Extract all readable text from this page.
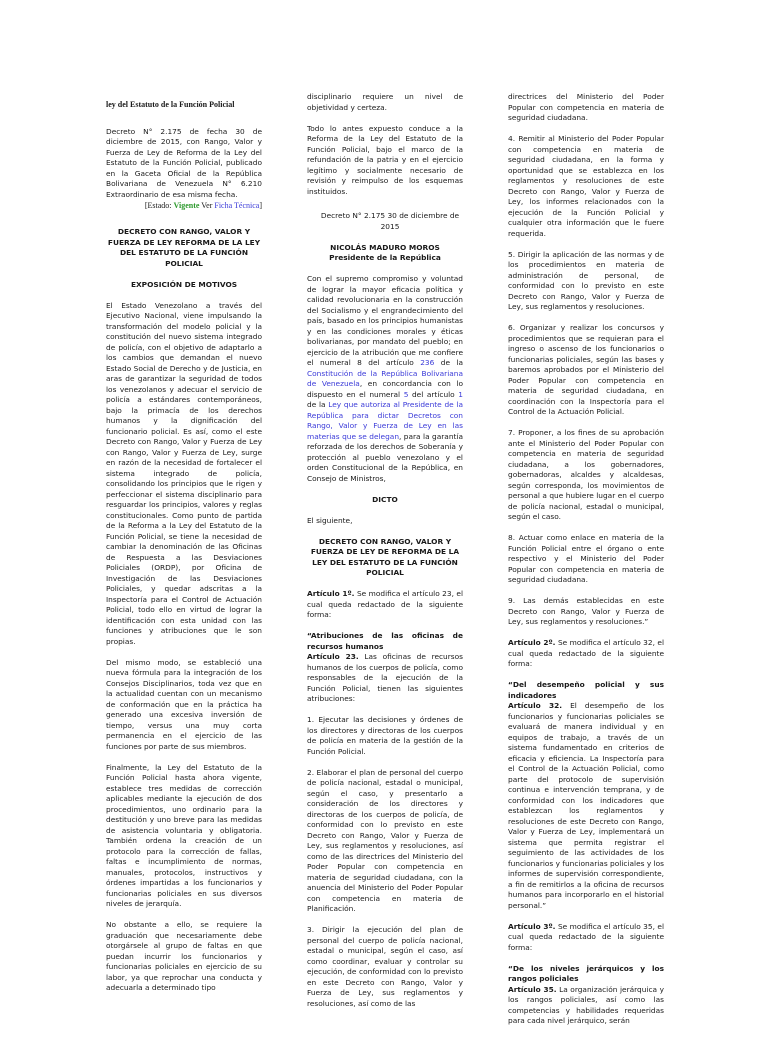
ley del Estatuto de la Función Policial

Decreto N° 2.175 de fecha 30 de diciembre de 2015, con Rango, Valor y Fuerza de Ley de Reforma de la Ley del Estatuto de la Función Policial, publicado en la Gaceta Oficial de la República Bolivariana de Venezuela N° 6.210 Extraordinario de esa misma fecha.

[Estado: Vigente Ver Ficha Técnica]

DECRETO CON RANGO, VALOR Y FUERZA DE LEY REFORMA DE LA LEY DEL ESTATUTO DE LA FUNCIÓN POLICIAL

EXPOSICIÓN DE MOTIVOS

El Estado Venezolano a través del Ejecutivo Nacional, viene impulsando la transformación del modelo policial y la constitución del nuevo sistema integrado de policía, con el objetivo de adaptarlo a los cambios que demandan el nuevo Estado Social de Derecho y de Justicia, en aras de garantizar la seguridad de todos los venezolanos y adecuar el servicio de policía a estándares contemporáneos, bajo la primacía de los derechos humanos y la dignificación del funcionario policial. Es así, como el este Decreto con Rango, Valor y Fuerza de Ley con Rango, Valor y Fuerza de Ley, surge en razón de la necesidad de fortalecer el sistema integrado de policía, consolidando los principios que le rigen y perfeccionar el sistema disciplinario para resguardar los principios, valores y reglas constitucionales. Como punto de partida de la Reforma a la Ley del Estatuto de la Función Policial, se tiene la necesidad de cambiar la denominación de las Oficinas de Respuesta a las Desviaciones Policiales (ORDP), por Oficina de Investigación de las Desviaciones Policiales, y quedar adscritas a la Inspectoría para el Control de Actuación Policial, todo ello en virtud de lograr la identificación con esta unidad con las funciones y atribuciones que le son propias.

Del mismo modo, se estableció una nueva fórmula para la integración de los Consejos Disciplinarios, toda vez que en la actualidad cuentan con un mecanismo de conformación que en la práctica ha generado una excesiva inversión de tiempo, versus una muy corta permanencia en el ejercicio de las funciones por parte de sus miembros.

Finalmente, la Ley del Estatuto de la Función Policial hasta ahora vigente, establece tres medidas de corrección aplicables mediante la ejecución de dos procedimientos, uno ordinario para la destitución y uno breve para las medidas de asistencia voluntaria y obligatoria. También ordena la creación de un protocolo para la corrección de fallas, faltas e incumplimiento de normas, manuales, protocolos, instructivos y órdenes impartidas a los funcionarios y funcionarias policiales en sus diversos niveles de jerarquía.

No obstante a ello, se requiere la graduación que necesariamente debe otorgársele al grupo de faltas en que puedan incurrir los funcionarios y funcionarias policiales en ejercicio de su labor, ya que reprochar una conducta y adecuarla a determinado tipo

disciplinario requiere un nivel de objetividad y certeza.

Todo lo antes expuesto conduce a la Reforma de la Ley del Estatuto de la Función Policial, bajo el marco de la refundación de la patria y en el ejercicio legítimo y socialmente necesario de revisión y reimpulso de los esquemas instituidos.

Decreto N° 2.175 30 de diciembre de 2015

NICOLÁS MADURO MOROS
Presidente de la República

Con el supremo compromiso y voluntad de lograr la mayor eficacia política y calidad revolucionaria en la construcción del Socialismo y el engrandecimiento del país, basado en los principios humanistas y en las condiciones morales y éticas bolivarianas, por mandato del pueblo; en ejercicio de la atribución que me confiere el numeral 8 del artículo 236 de la Constitución de la República Bolivariana de Venezuela, en concordancia con lo dispuesto en el numeral 5 del artículo 1 de la Ley que autoriza al Presidente de la República para dictar Decretos con Rango, Valor y Fuerza de Ley en las materias que se delegan, para la garantía reforzada de los derechos de Soberanía y protección al pueblo venezolano y el orden Constitucional de la República, en Consejo de Ministros,

DICTO

El siguiente,

DECRETO CON RANGO, VALOR Y FUERZA DE LEY DE REFORMA DE LA LEY DEL ESTATUTO DE LA FUNCIÓN POLICIAL

Artículo 1º. Se modifica el artículo 23, el cual queda redactado de la siguiente forma:

“Atribuciones de las oficinas de recursos humanos
Artículo 23. Las oficinas de recursos humanos de los cuerpos de policía, como responsables de la ejecución de la Función Policial, tienen las siguientes atribuciones:

1. Ejecutar las decisiones y órdenes de los directores y directoras de los cuerpos de policía en materia de la gestión de la Función Policial.

2. Elaborar el plan de personal del cuerpo de policía nacional, estadal o municipal, según el caso, y presentarlo a consideración de los directores y directoras de los cuerpos de policía, de conformidad con lo previsto en este Decreto con Rango, Valor y Fuerza de Ley, sus reglamentos y resoluciones, así como de las directrices del Ministerio del Poder Popular con competencia en materia de seguridad ciudadana, con la anuencia del Ministerio del Poder Popular con competencia en materia de Planificación.

3. Dirigir la ejecución del plan de personal del cuerpo de policía nacional, estadal o municipal, según el caso, así como coordinar, evaluar y controlar su ejecución, de conformidad con lo previsto en este Decreto con Rango, Valor y Fuerza de Ley, sus reglamentos y resoluciones, así como de las

directrices del Ministerio del Poder Popular con competencia en materia de seguridad ciudadana.

4. Remitir al Ministerio del Poder Popular con competencia en materia de seguridad ciudadana, en la forma y oportunidad que se establezca en los reglamentos y resoluciones de este Decreto con Rango, Valor y Fuerza de Ley, los informes relacionados con la ejecución de la Función Policial y cualquier otra información que le fuere requerida.

5. Dirigir la aplicación de las normas y de los procedimientos en materia de administración de personal, de conformidad con lo previsto en este Decreto con Rango, Valor y Fuerza de Ley, sus reglamentos y resoluciones.

6. Organizar y realizar los concursos y procedimientos que se requieran para el ingreso o ascenso de los funcionarios o funcionarias policiales, según las bases y baremos aprobados por el Ministerio del Poder Popular con competencia en materia de seguridad ciudadana, en coordinación con la Inspectoría para el Control de la Actuación Policial.

7. Proponer, a los fines de su aprobación ante el Ministerio del Poder Popular con competencia en materia de seguridad ciudadana, a los gobernadores, gobernadoras, alcaldes y alcaldesas, según corresponda, los movimientos de personal a que hubiere lugar en el cuerpo de policía nacional, estadal o municipal, según el caso.

8. Actuar como enlace en materia de la Función Policial entre el órgano o ente respectivo y el Ministerio del Poder Popular con competencia en materia de seguridad ciudadana.

9. Las demás establecidas en este Decreto con Rango, Valor y Fuerza de Ley, sus reglamentos y resoluciones.”

Artículo 2º. Se modifica el artículo 32, el cual queda redactado de la siguiente forma:

“Del desempeño policial y sus indicadores
Artículo 32. El desempeño de los funcionarios y funcionarias policiales se evaluará de manera individual y en equipos de trabajo, a través de un sistema fundamentado en criterios de eficacia y eficiencia. La Inspectoría para el Control de la Actuación Policial, como parte del protocolo de supervisión continua e intervención temprana, y de conformidad con los indicadores que establezcan los reglamentos y resoluciones de este Decreto con Rango, Valor y Fuerza de Ley, implementará un sistema que permita registrar el seguimiento de las actividades de los funcionarios y funcionarias policiales y los informes de supervisión correspondiente, a fin de remitirlos a la oficina de recursos humanos para incorporarlo en el historial personal.”

Artículo 3º. Se modifica el artículo 35, el cual queda redactado de la siguiente forma:

“De los niveles jerárquicos y los rangos policiales
Artículo 35. La organización jerárquica y los rangos policiales, así como las competencias y habilidades requeridas para cada nivel jerárquico, serán
